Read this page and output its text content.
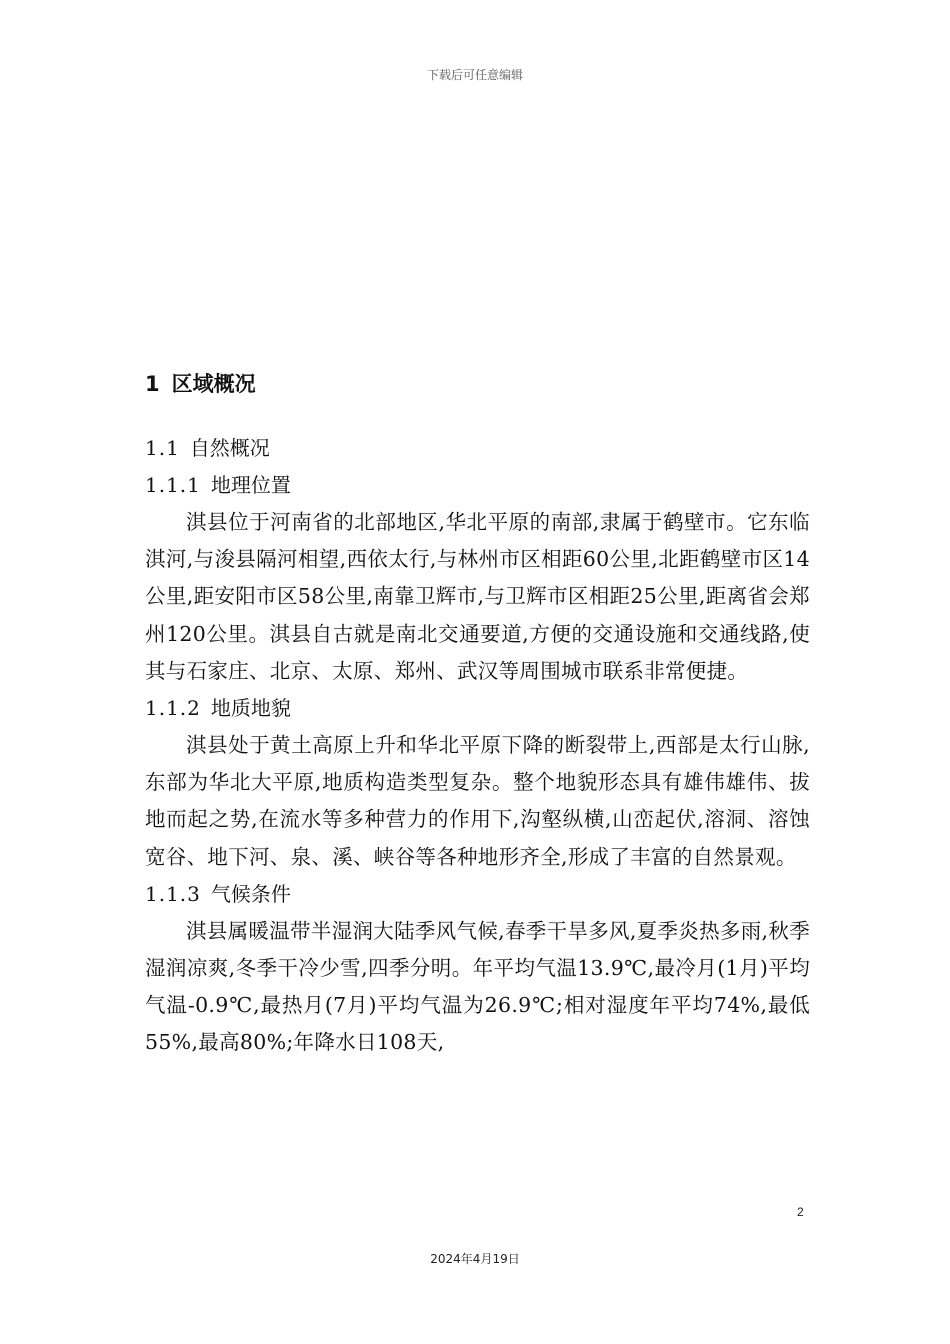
下载后可任意编辑
1 区域概况
1.1 自然概况
1.1.1 地理位置

淇县位于河南省的北部地区,华北平原的南部,隶属于鹤壁市。它东临淇河,与浚县隔河相望,西依太行,与林州市区相距60公里,北距鹤壁市区14公里,距安阳市区58公里,南靠卫辉市,与卫辉市区相距25公里,距离省会郑州120公里。淇县自古就是南北交通要道,方便的交通设施和交通线路,使其与石家庄、北京、太原、郑州、武汉等周围城市联系非常便捷。

1.1.2 地质地貌

淇县处于黄土高原上升和华北平原下降的断裂带上,西部是太行山脉,东部为华北大平原,地质构造类型复杂。整个地貌形态具有雄伟雄伟、拔地而起之势,在流水等多种营力的作用下,沟壑纵横,山峦起伏,溶洞、溶蚀宽谷、地下河、泉、溪、峡谷等各种地形齐全,形成了丰富的自然景观。

1.1.3 气候条件

淇县属暖温带半湿润大陆季风气候,春季干旱多风,夏季炎热多雨,秋季湿润凉爽,冬季干冷少雪,四季分明。年平均气温13.9℃,最冷月(1月)平均气温-0.9℃,最热月(7月)平均气温为26.9℃;相对湿度年平均74%,最低55%,最高80%;年降水日108天,

2
2024年4月19日
